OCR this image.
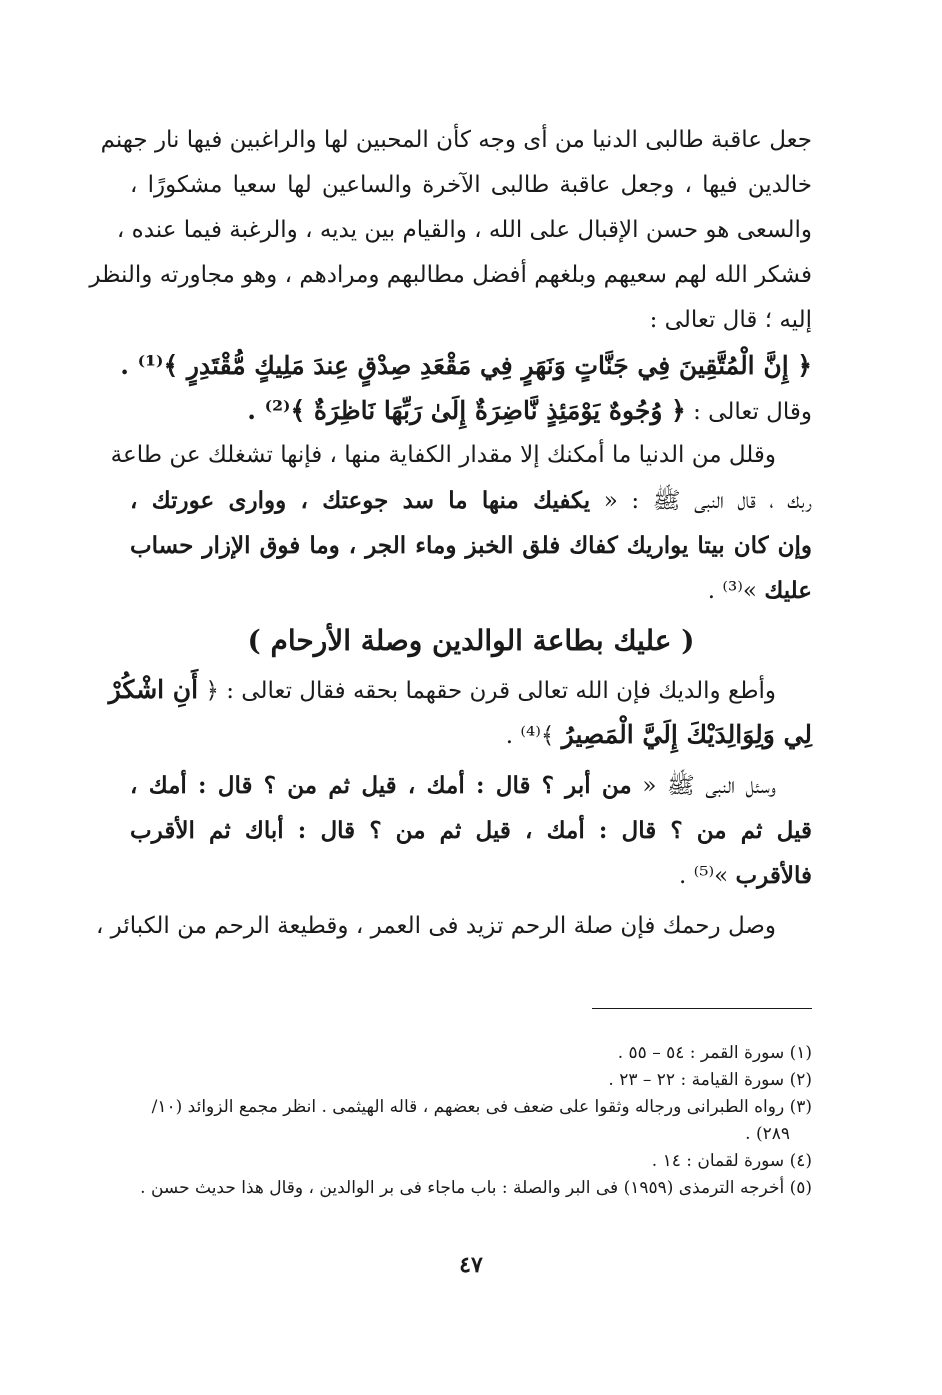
جعل عاقبة طالبى الدنيا من أى وجه كأن المحبين لها والراغبين فيها نار جهنم
خالدين فيها ، وجعل عاقبة طالبى الآخرة والساعين لها سعيا مشكورًا ،
والسعى هو حسن الإقبال على الله ، والقيام بين يديه ، والرغبة فيما عنده ،
فشكر الله لهم سعيهم وبلغهم أفضل مطالبهم ومرادهم ، وهو مجاورته والنظر
إليه ؛ قال تعالى :
﴿ إِنَّ الْمُتَّقِينَ فِي جَنَّاتٍ وَنَهَرٍ فِي مَقْعَدِ صِدْقٍ عِندَ مَلِيكٍ مُّقْتَدِرٍ ﴾⁽¹⁾ .
وقال تعالى : ﴿ وُجُوهٌ يَوْمَئِذٍ نَّاضِرَةٌ إِلَىٰ رَبِّهَا نَاظِرَةٌ ﴾⁽²⁾ .
وقلل من الدنيا ما أمكنك إلا مقدار الكفاية منها ، فإنها تشغلك عن طاعة
ربك ، قال النبى ﷺ : « يكفيك منها ما سد جوعتك ، ووارى عورتك ،
وإن كان بيتا يواريك كفاك فلق الخبز وماء الجر ، وما فوق الإزار حساب
عليك »⁽³⁾ .
( عليك بطاعة الوالدين وصلة الأرحام )
وأطع والديك فإن الله تعالى قرن حقهما بحقه فقال تعالى : ﴿ أَنِ اشْكُرْ
لِي وَلِوَالِدَيْكَ إِلَيَّ الْمَصِيرُ ﴾⁽⁴⁾ .
وسئل النبى ﷺ « من أبر ؟ قال : أمك ، قيل ثم من ؟ قال : أمك ،
قيل ثم من ؟ قال : أمك ، قيل ثم من ؟ قال : أباك ثم الأقرب
فالأقرب »⁽⁵⁾ .
وصل رحمك فإن صلة الرحم تزيد فى العمر ، وقطيعة الرحم من الكبائر ،
(١) سورة القمر : ٥٤ – ٥٥ .
(٢) سورة القيامة : ٢٢ – ٢٣ .
(٣) رواه الطبرانى ورجاله وثقوا على ضعف فى بعضهم ، قاله الهيثمى . انظر مجمع الزوائد (١٠/
٢٨٩) .
(٤) سورة لقمان : ١٤ .
(٥) أخرجه الترمذى (١٩٥٩) فى البر والصلة : باب ماجاء فى بر الوالدين ، وقال هذا حديث حسن .
٤٧
